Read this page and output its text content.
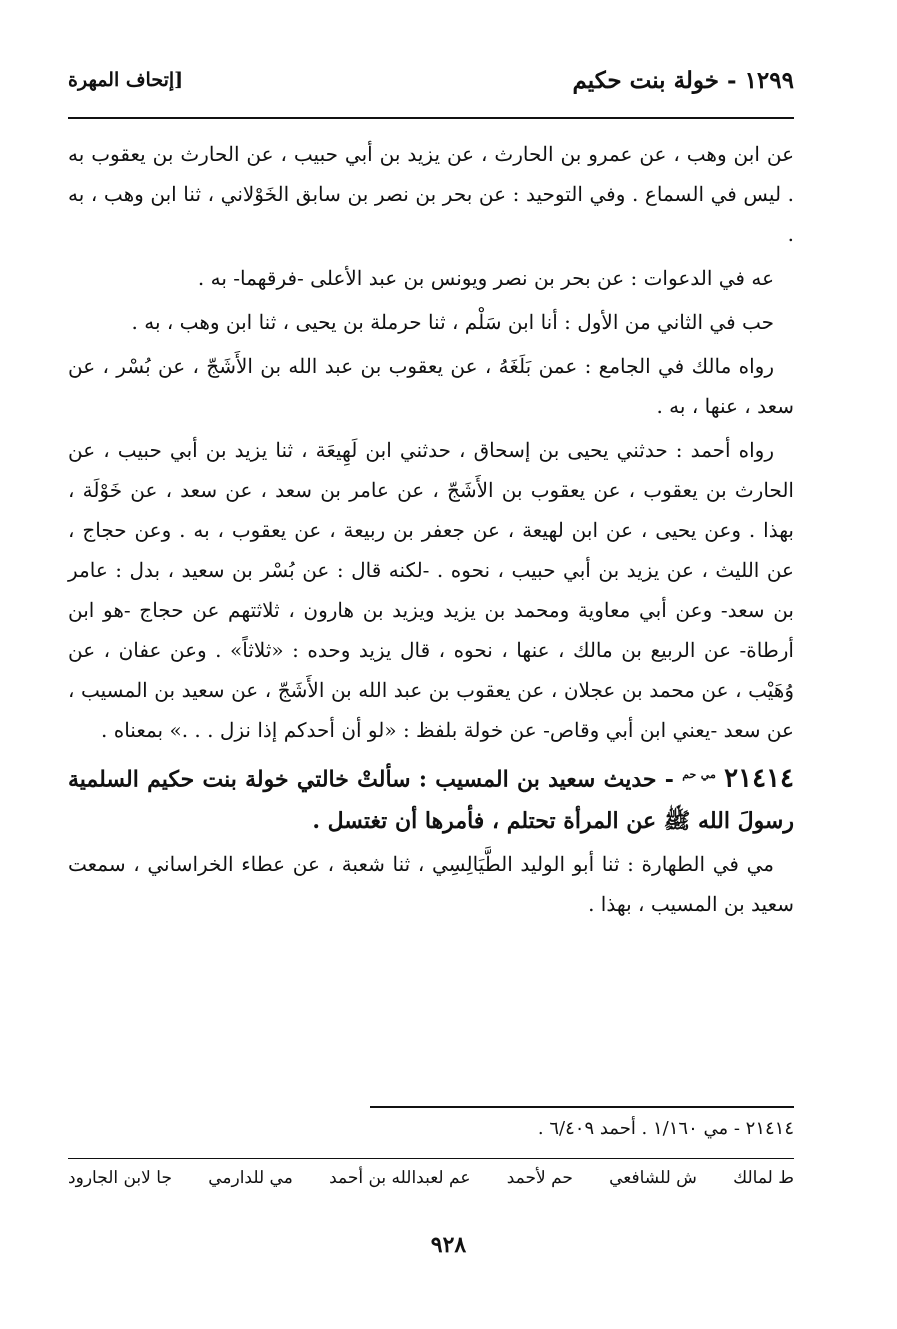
١٢٩٩ - خولة بنت حكيم
[إتحاف المهرة

عن ابن وهب ، عن عمرو بن الحارث ، عن يزيد بن أبي حبيب ، عن الحارث بن يعقوب به . ليس في السماع . وفي التوحيد : عن بحر بن نصر بن سابق الخَوْلاني ، ثنا ابن وهب ، به .

عه في الدعوات : عن بحر بن نصر ويونس بن عبد الأعلى -فرقهما- به .

حب في الثاني من الأول : أنا ابن سَلْم ، ثنا حرملة بن يحيى ، ثنا ابن وهب ، به .

رواه مالك في الجامع : عمن بَلَغَهُ ، عن يعقوب بن عبد الله بن الأَشَجّ ، عن بُسْر ، عن سعد ، عنها ، به .

رواه أحمد : حدثني يحيى بن إسحاق ، حدثني ابن لَهِيعَة ، ثنا يزيد بن أبي حبيب ، عن الحارث بن يعقوب ، عن يعقوب بن الأَشَجّ ، عن عامر بن سعد ، عن سعد ، عن خَوْلَة ، بهذا . وعن يحيى ، عن ابن لهيعة ، عن جعفر بن ربيعة ، عن يعقوب ، به . وعن حجاج ، عن الليث ، عن يزيد بن أبي حبيب ، نحوه . -لكنه قال : عن بُسْر بن سعيد ، بدل : عامر بن سعد- وعن أبي معاوية ومحمد بن يزيد ويزيد بن هارون ، ثلاثتهم عن حجاج -هو ابن أرطاة- عن الربيع بن مالك ، عنها ، نحوه ، قال يزيد وحده : «ثلاثاً» . وعن عفان ، عن وُهَيْب ، عن محمد بن عجلان ، عن يعقوب بن عبد الله بن الأَشَجّ ، عن سعيد بن المسيب ، عن سعد -يعني ابن أبي وقاص- عن خولة بلفظ : «لو أن أحدكم إذا نزل . . .» بمعناه .

٢١٤١٤ $^{مي حم}$ - حديث سعيد بن المسيب : سألتْ خالتي خولة بنت حكيم السلمية رسولَ الله ﷺ عن المرأة تحتلم ، فأمرها أن تغتسل .

مي في الطهارة : ثنا أبو الوليد الطَّيَالِسِي ، ثنا شعبة ، عن عطاء الخراساني ، سمعت سعيد بن المسيب ، بهذا .

٢١٤١٤ - مي ١/١٦٠ . أحمد ٦/٤٠٩ .
ط لمالك
ش للشافعي
حم لأحمد
عم لعبدالله بن أحمد
مي للدارمي
جا لابن الجارود
٩٢٨
